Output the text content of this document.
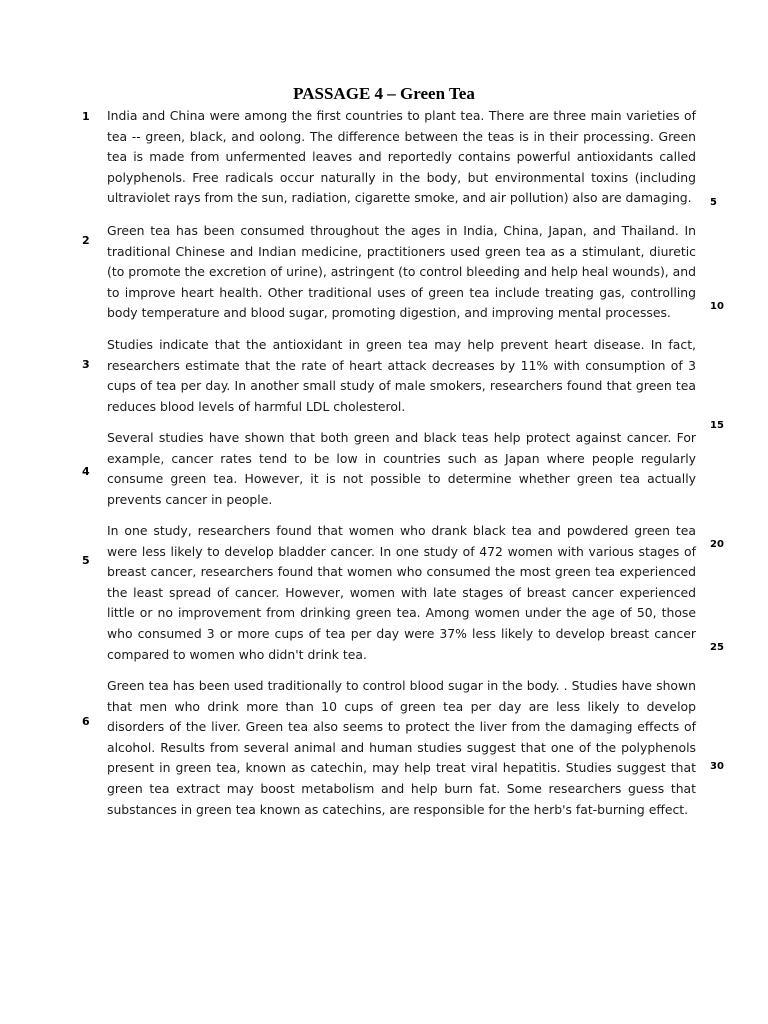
PASSAGE 4 – Green Tea
1 India and China were among the first countries to plant tea. There are three main varieties of tea -- green, black, and oolong. The difference between the teas is in their processing. Green tea is made from unfermented leaves and reportedly contains powerful antioxidants called polyphenols. Free radicals occur naturally in the body, but environmental toxins (including ultraviolet rays from the sun, radiation, cigarette smoke, and air pollution) also are damaging.

2

Green tea has been consumed throughout the ages in India, China, Japan, and Thailand. In traditional Chinese and Indian medicine, practitioners used green tea as a stimulant, diuretic (to promote the excretion of urine), astringent (to control bleeding and help heal wounds), and to improve heart health. Other traditional uses of green tea include treating gas, controlling body temperature and blood sugar, promoting digestion, and improving mental processes.

3

Studies indicate that the antioxidant in green tea may help prevent heart disease. In fact, researchers estimate that the rate of heart attack decreases by 11% with consumption of 3 cups of tea per day. In another small study of male smokers, researchers found that green tea reduces blood levels of harmful LDL cholesterol.

4

Several studies have shown that both green and black teas help protect against cancer. For example, cancer rates tend to be low in countries such as Japan where people regularly consume green tea. However, it is not possible to determine whether green tea actually prevents cancer in people.

5

In one study, researchers found that women who drank black tea and powdered green tea were less likely to develop bladder cancer. In one study of 472 women with various stages of breast cancer, researchers found that women who consumed the most green tea experienced the least spread of cancer. However, women with late stages of breast cancer experienced little or no improvement from drinking green tea. Among women under the age of 50, those who consumed 3 or more cups of tea per day were 37% less likely to develop breast cancer compared to women who didn't drink tea.

6

Green tea has been used traditionally to control blood sugar in the body. . Studies have shown that men who drink more than 10 cups of green tea per day are less likely to develop disorders of the liver. Green tea also seems to protect the liver from the damaging effects of alcohol. Results from several animal and human studies suggest that one of the polyphenols present in green tea, known as catechin, may help treat viral hepatitis. Studies suggest that green tea extract may boost metabolism and help burn fat. Some researchers guess that substances in green tea known as catechins, are responsible for the herb's fat-burning effect.

5
10
15
20
25
30
